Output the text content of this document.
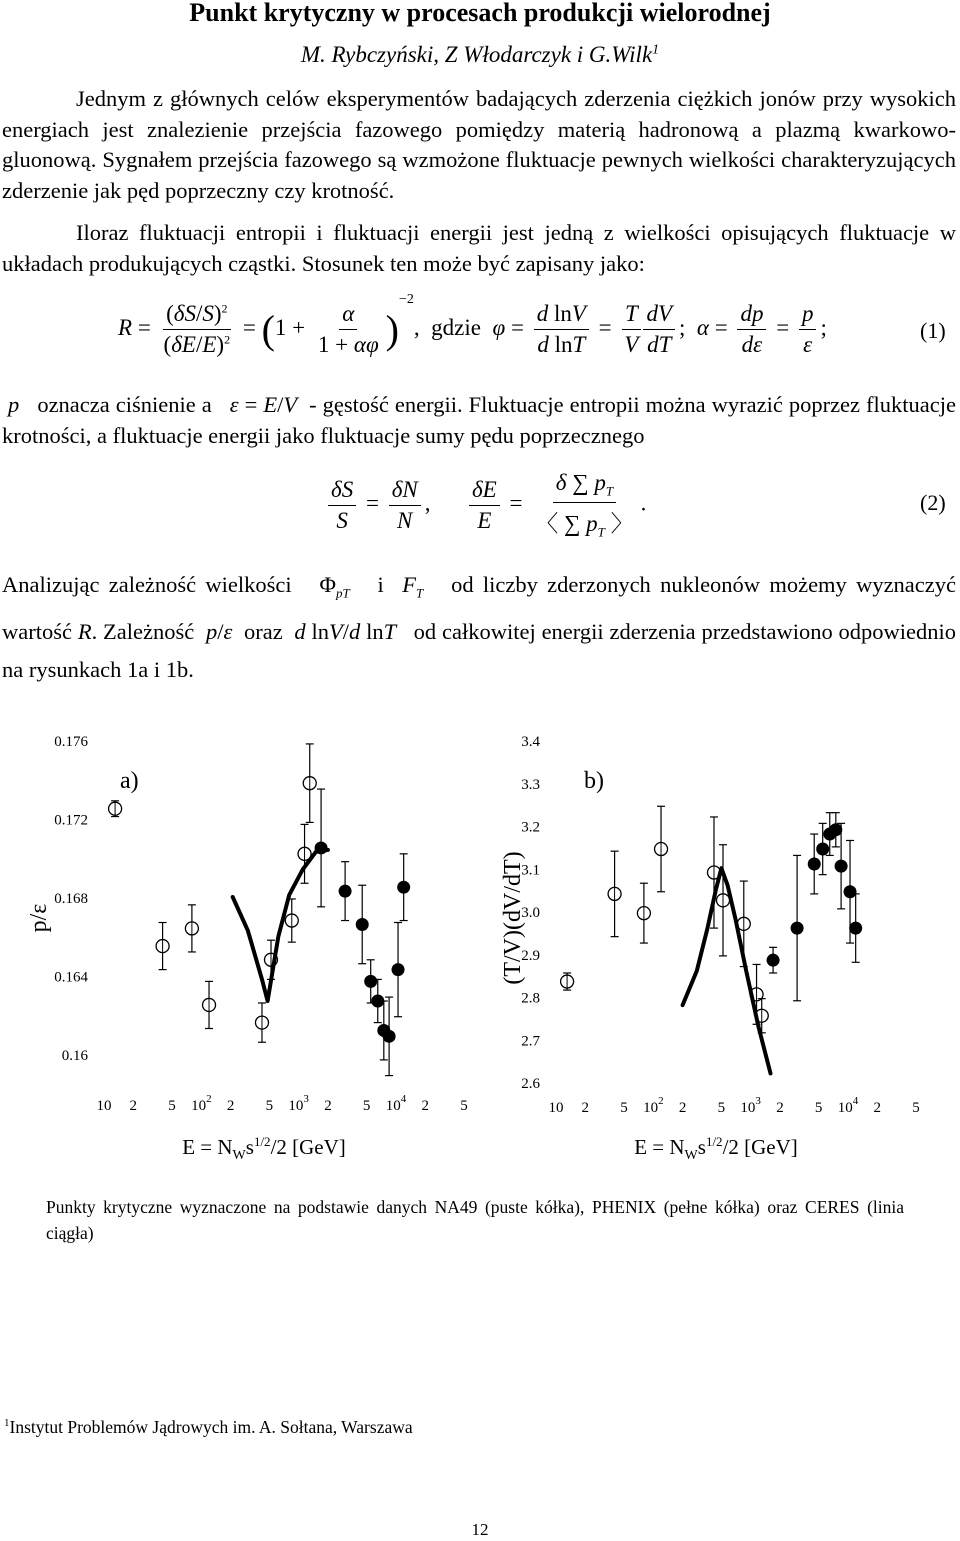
Punkt krytyczny w procesach produkcji wielorodnej
M. Rybczyński, Z Włodarczyk i G.Wilk$^1$

Jednym z głównych celów eksperymentów badających zderzenia ciężkich jonów przy wysokich energiach jest znalezienie przejścia fazowego pomiędzy materią hadronową a plazmą kwarkowo-gluonową. Sygnałem przejścia fazowego są wzmożone fluktuacje pewnych wielkości charakteryzujących zderzenie jak pęd poprzeczny czy krotność.

Iloraz fluktuacji entropii i fluktuacji energii jest jedną z wielkości opisujących fluktuacje w układach produkujących cząstki. Stosunek ten może być zapisany jako:

$R = \frac{(\delta S/S)^2}{(\delta E/E)^2} = (1 + \frac{\alpha}{1 + \alpha\varphi} )^{-2}$,  gdzie $\varphi = \frac{\text{d lnV}}{\text{d lnT}} = \frac{T}{V} \frac{dV}{dT}$ ;  $\alpha = \frac{dp}{d\varepsilon} = \frac{p}{\varepsilon}$ ;	(1)

p oznacza ciśnienie a ε = E/V - gęstość energii. Fluktuacje entropii można wyrazić poprzez fluktuacje krotności, a fluktuacje energii jako fluktuacje sumy pędu poprzecznego

$\frac{\delta S}{S} = \frac{\delta N}{N}$ , $\frac{\delta E}{E} = \frac{\delta \sum p_T}{〈 \sum p_T 〉}$ .	(2)

Analizując zależność wielkości   $\Phi_{pT}$ i $F_T$ od liczby zderzonych nukleonów możemy wyznaczyć wartość R. Zależność p/ε oraz d lnV/d lnT od całkowitej energii zderzenia przedstawiono odpowiednio na rysunkach 1a i 1b.

0.176
0.172
0.168
0.164
0.16
10 2 5 $10^2$ 2 5 $10^3$ 2 5 $10^4$ 2 5
a)
p/ε
$E = N_Ws^{1/2}/2$ [GeV]
3.4
3.3
3.2
3.1
3.0
2.9
2.8
2.7
2.6
10 2 5 $10^2$ 2 5 $10^3$ 2 5 $10^4$ 2 5
b)
(T/V)(dV/dT)
$E = N_Ws^{1/2}/2$ [GeV]
Punkty krytyczne wyznaczone na podstawie danych NA49 (puste kółka), PHENIX (pełne kółka) oraz CERES (linia ciągła)
$^1$Instytut Problemów Jądrowych im. A. Sołtana, Warszawa
12
